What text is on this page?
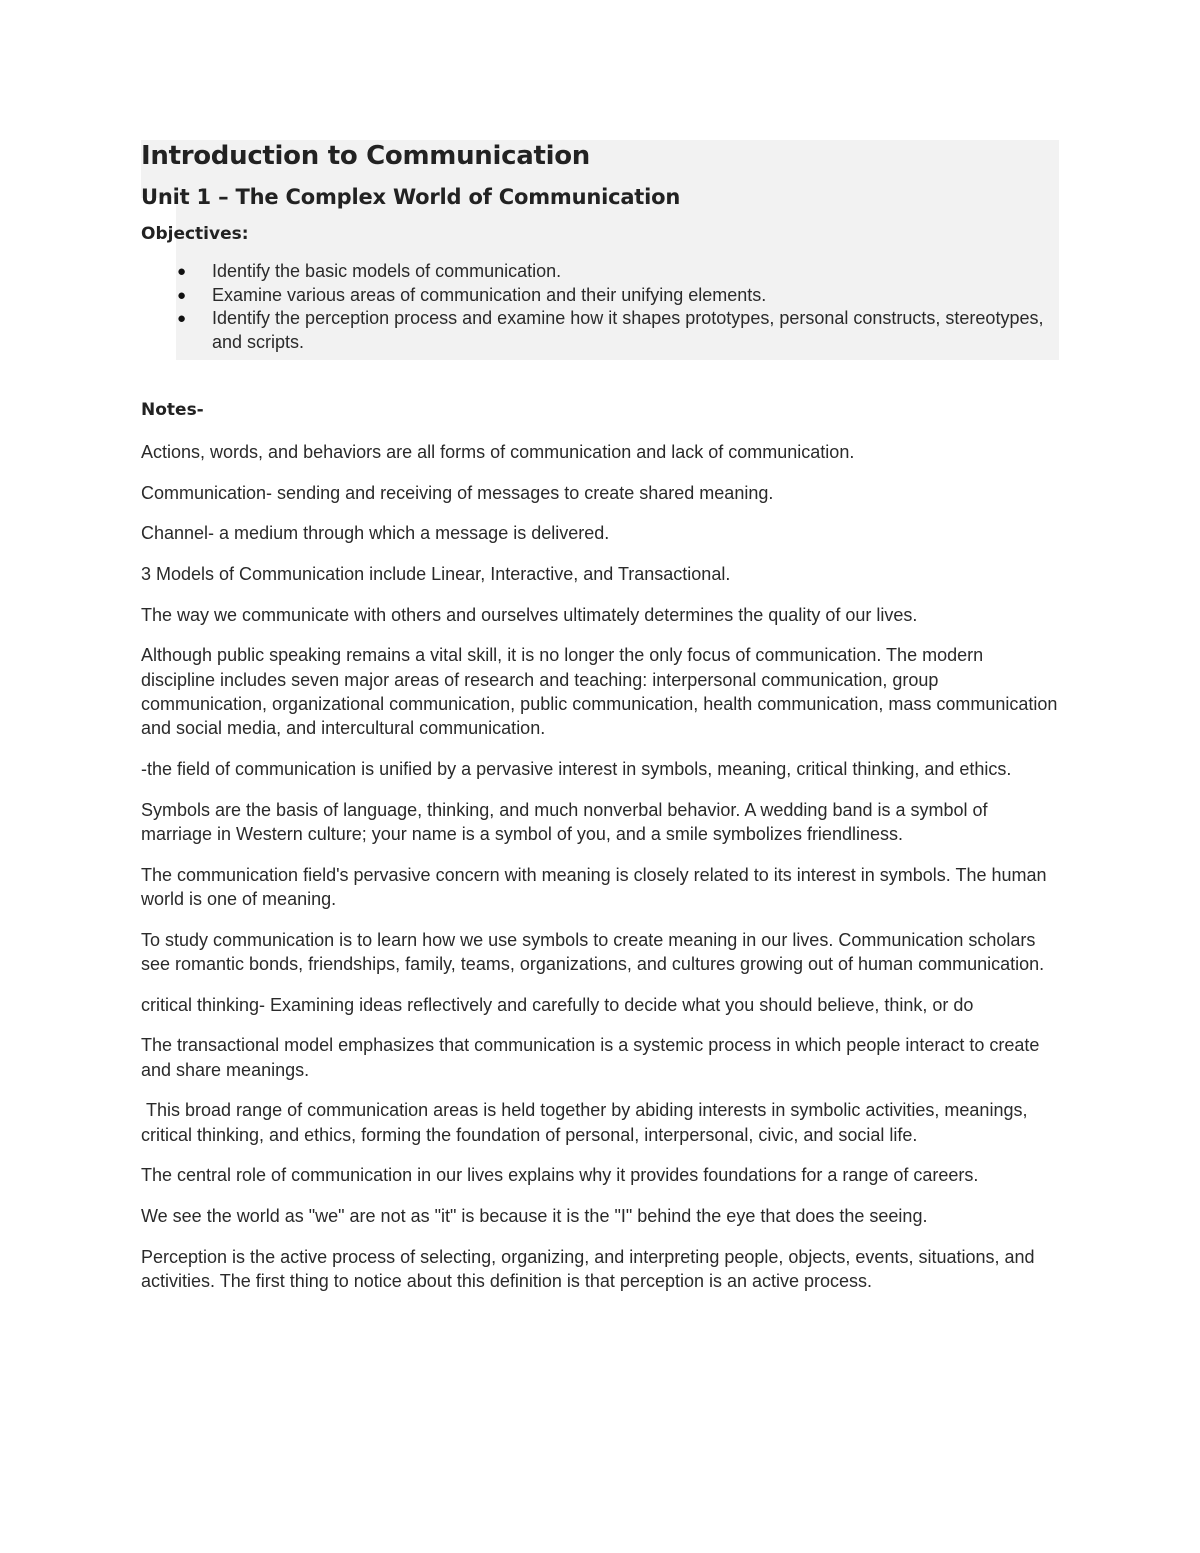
Introduction to Communication
Unit 1 – The Complex World of Communication
Objectives:
● Identify the basic models of communication.
● Examine various areas of communication and their unifying elements.
● Identify the perception process and examine how it shapes prototypes, personal constructs, stereotypes, and scripts.
Notes-

Actions, words, and behaviors are all forms of communication and lack of communication.

Communication- sending and receiving of messages to create shared meaning.

Channel- a medium through which a message is delivered.

3 Models of Communication include Linear, Interactive, and Transactional.

The way we communicate with others and ourselves ultimately determines the quality of our lives.

Although public speaking remains a vital skill, it is no longer the only focus of communication. The modern discipline includes seven major areas of research and teaching: interpersonal communication, group communication, organizational communication, public communication, health communication, mass communication and social media, and intercultural communication.

-the field of communication is unified by a pervasive interest in symbols, meaning, critical thinking, and ethics.

Symbols are the basis of language, thinking, and much nonverbal behavior. A wedding band is a symbol of marriage in Western culture; your name is a symbol of you, and a smile symbolizes friendliness.

The communication field's pervasive concern with meaning is closely related to its interest in symbols. The human world is one of meaning.

To study communication is to learn how we use symbols to create meaning in our lives. Communication scholars see romantic bonds, friendships, family, teams, organizations, and cultures growing out of human communication.

critical thinking- Examining ideas reflectively and carefully to decide what you should believe, think, or do

The transactional model emphasizes that communication is a systemic process in which people interact to create and share meanings.

This broad range of communication areas is held together by abiding interests in symbolic activities, meanings, critical thinking, and ethics, forming the foundation of personal, interpersonal, civic, and social life.

The central role of communication in our lives explains why it provides foundations for a range of careers.

We see the world as "we" are not as "it" is because it is the "I" behind the eye that does the seeing.

Perception is the active process of selecting, organizing, and interpreting people, objects, events, situations, and activities. The first thing to notice about this definition is that perception is an active process.
